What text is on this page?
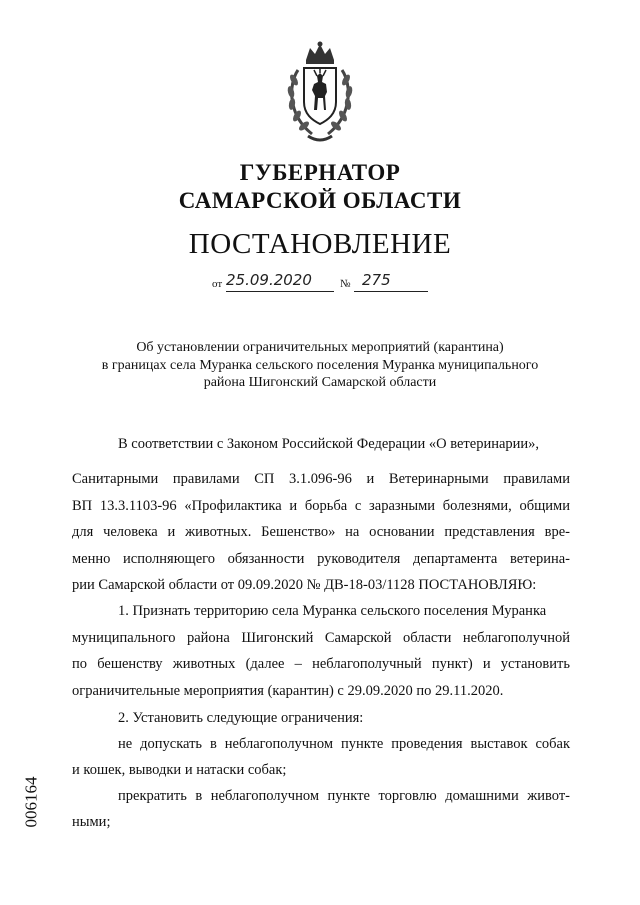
ГУБЕРНАТОР
САМАРСКОЙ ОБЛАСТИ
ПОСТАНОВЛЕНИЕ
от 25.09.2020	№ 275
Об установлении ограничительных мероприятий (карантина)
в границах села Муранка сельского поселения Муранка муниципального
района Шигонский Самарской области
В соответствии с Законом Российской Федерации «О ветеринарии»,
Санитарными правилами СП 3.1.096-96 и Ветеринарными правилами
ВП 13.3.1103-96 «Профилактика и борьба с заразными болезнями, общими
для человека и животных. Бешенство» на основании представления вре-
менно исполняющего обязанности руководителя департамента ветерина-
рии Самарской области от 09.09.2020 № ДВ-18-03/1128 ПОСТАНОВЛЯЮ:
1. Признать территорию села Муранка сельского поселения Муранка
муниципального района Шигонский Самарской области неблагополучной
по бешенству животных (далее – неблагополучный пункт) и установить
ограничительные мероприятия (карантин) с 29.09.2020 по 29.11.2020.
2. Установить следующие ограничения:
не допускать в неблагополучном пункте проведения выставок собак
и кошек, выводки и натаски собак;
прекратить в неблагополучном пункте торговлю домашними живот-
ными;
006164
